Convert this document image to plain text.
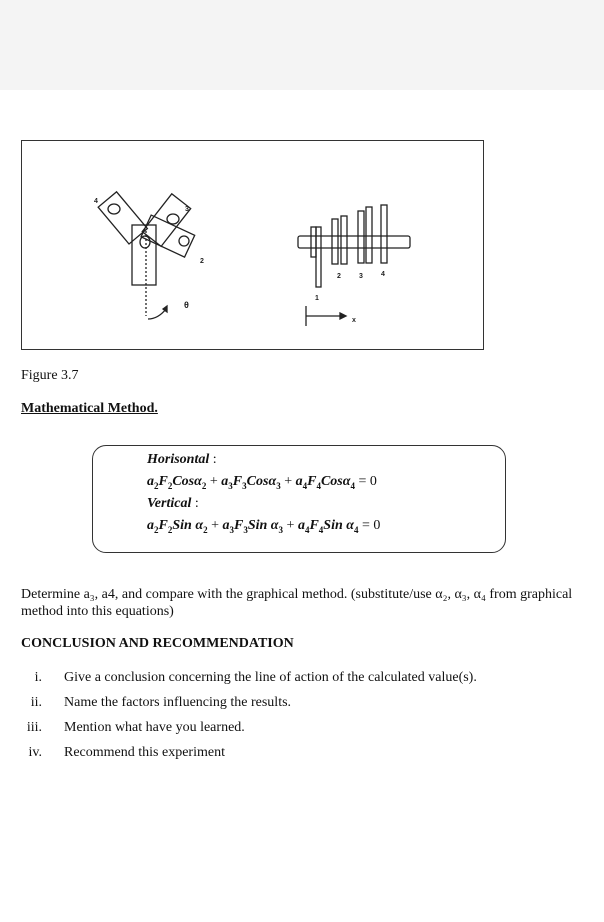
4
3
2
θ
1
2	3	4
x
Figure 3.7
Mathematical Method.
Horisontal :
$a_2F_2Cos\alpha_2 + a_3F_3Cos\alpha_3 + a_4F_4Cos\alpha_4 = 0$
Vertical :
$a_2F_2Sin$ $\alpha_2 + a_3F_3Sin$ $\alpha_3 + a_4F_4Sin$ $\alpha_4 = 0$
Determine a₃, a4, and compare with the graphical method. (substitute/use α₂, α₃, α₄ from graphical method into this equations)
CONCLUSION AND RECOMMENDATION
i. Give a conclusion concerning the line of action of the calculated value(s).
ii. Name the factors influencing the results.
iii. Mention what have you learned.
iv. Recommend this experiment
